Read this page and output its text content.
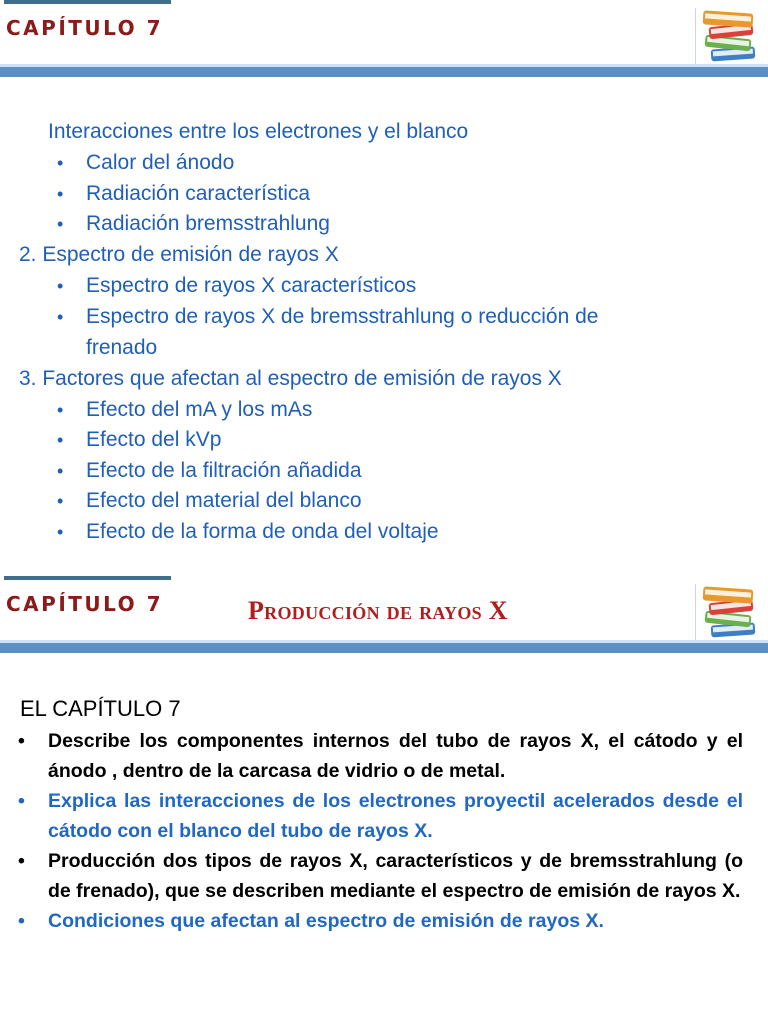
CAPÍTULO 7
Interacciones entre los electrones y el blanco
• Calor del ánodo
• Radiación característica
• Radiación bremsstrahlung
2. Espectro de emisión de rayos X
• Espectro de rayos X característicos
• Espectro de rayos X de bremsstrahlung o reducción de
frenado
3. Factores que afectan al espectro de emisión de rayos X
• Efecto del mA y los mAs
• Efecto del kVp
• Efecto de la filtración añadida
• Efecto del material del blanco
• Efecto de la forma de onda del voltaje
CAPÍTULO 7	Producción de rayos X
EL CAPÍTULO 7
• Describe los componentes internos del tubo de rayos X, el cátodo y el ánodo , dentro de la carcasa de vidrio o de metal.
• Explica las interacciones de los electrones proyectil acelerados desde el cátodo con el blanco del tubo de rayos X.
• Producción dos tipos de rayos X, característicos y de bremsstrahlung (o de frenado), que se describen mediante el espectro de emisión de rayos X.
• Condiciones que afectan al espectro de emisión de rayos X.
